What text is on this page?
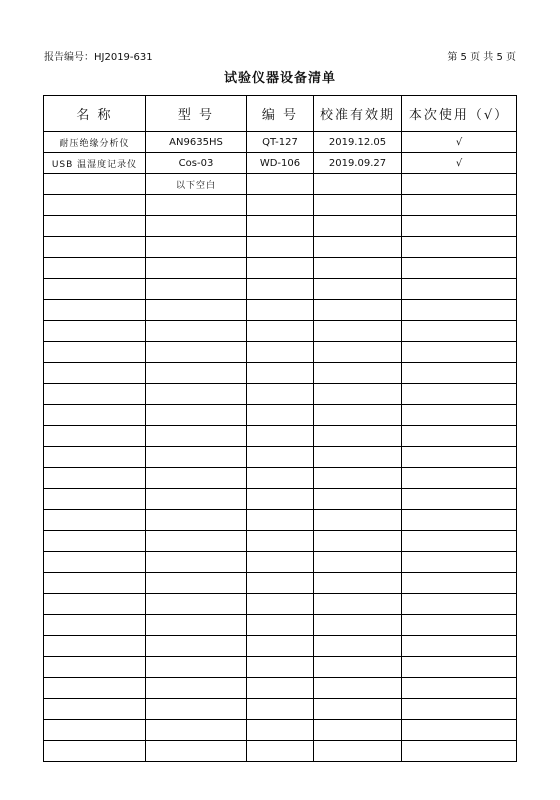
报告编号：HJ2019-631	第 5 页 共 5 页
试验仪器设备清单
名 称	型 号	编 号	校准有效期	本次使用（√）
耐压绝缘分析仪	AN9635HS	QT-127	2019.12.05	√
USB 温湿度记录仪	Cos-03	WD-106	2019.09.27	√
	以下空白			
